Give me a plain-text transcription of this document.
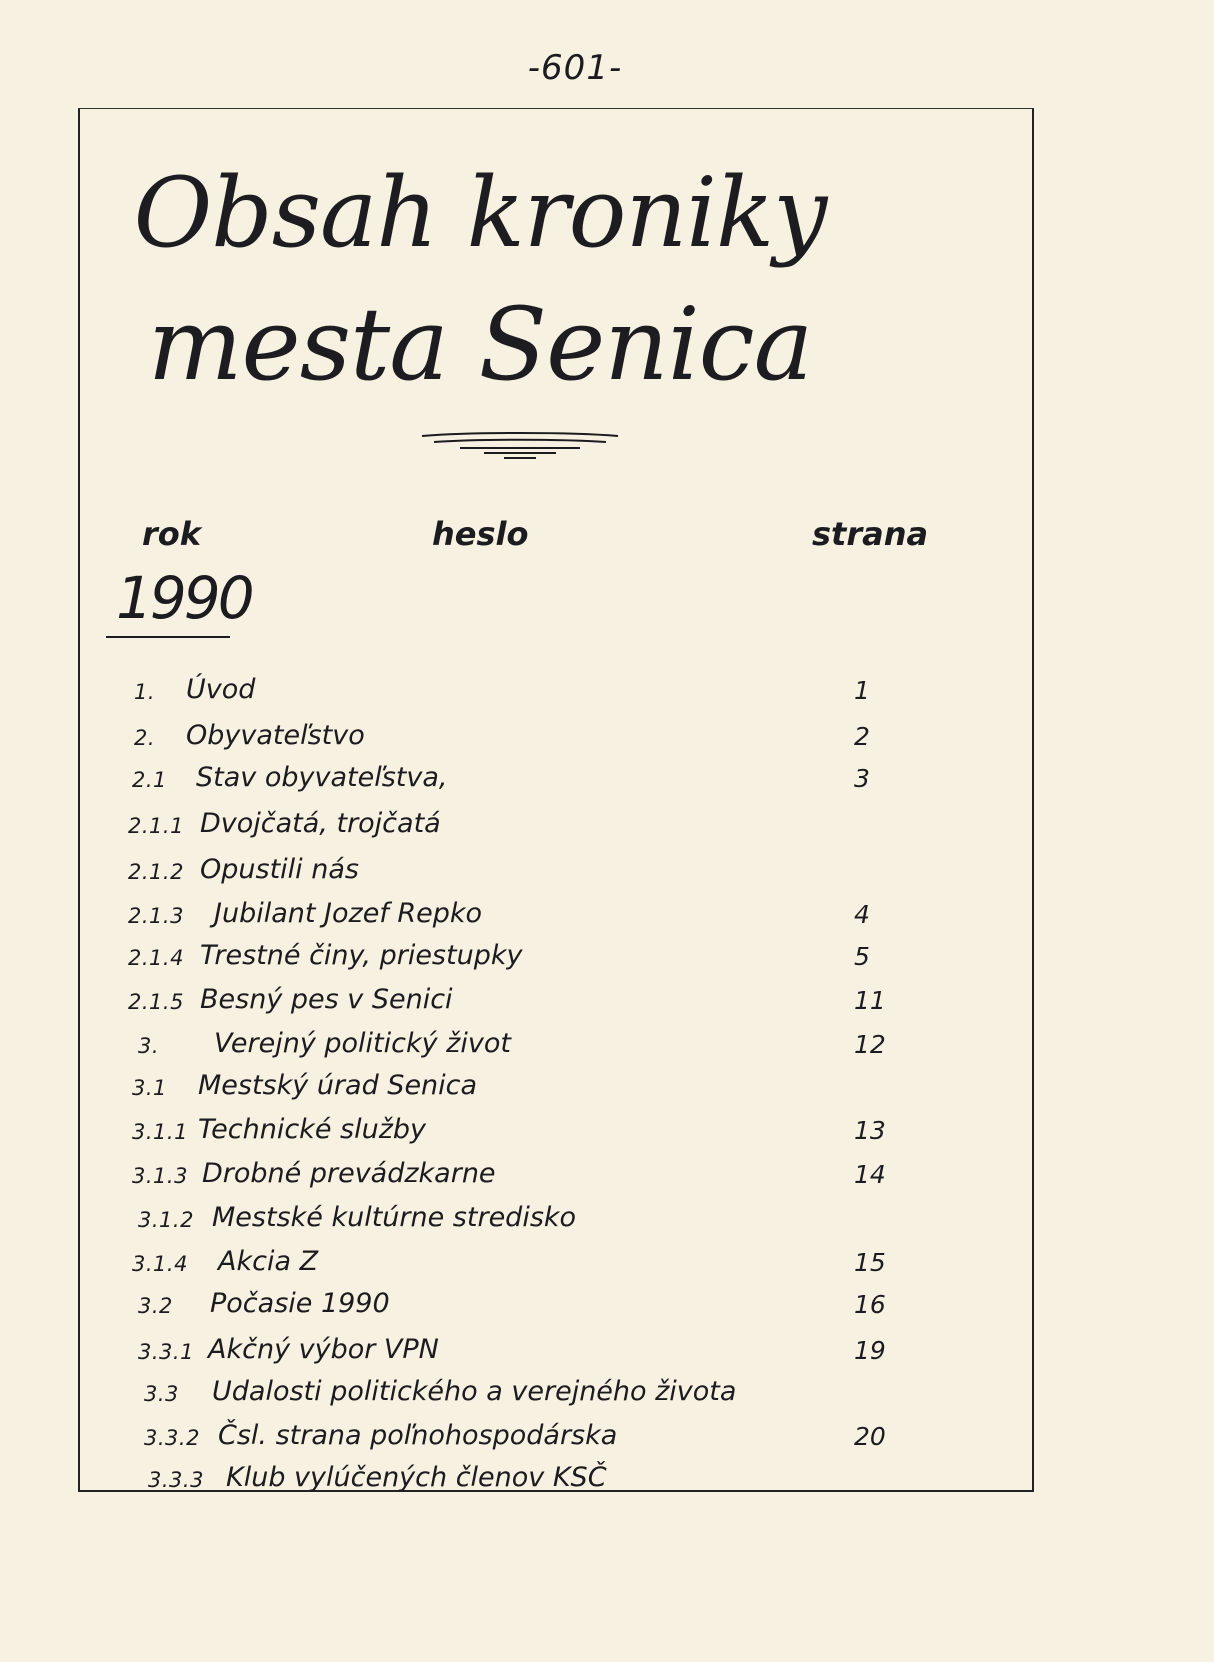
-601-
Obsah kroniky
mesta Senica
rok	heslo	strana
1990
1. Úvod	1
2. Obyvateľstvo	2
2.1 Stav obyvateľstva,	3
2.1.1 Dvojčatá, trojčatá
2.1.2 Opustili nás
2.1.3 Jubilant Jozef Repko	4
2.1.4 Trestné činy, priestupky	5
2.1.5 Besný pes v Senici	11
3. Verejný politický život	12
3.1 Mestský úrad Senica
3.1.1 Technické služby	13
3.1.3 Drobné prevádzkarne	14
3.1.2 Mestské kultúrne stredisko
3.1.4 Akcia Z	15
3.2 Počasie 1990	16
3.3.1 Akčný výbor VPN	19
3.3 Udalosti politického a verejného života
3.3.2 Čsl. strana poľnohospodárska	20
3.3.3 Klub vylúčených členov KSČ
